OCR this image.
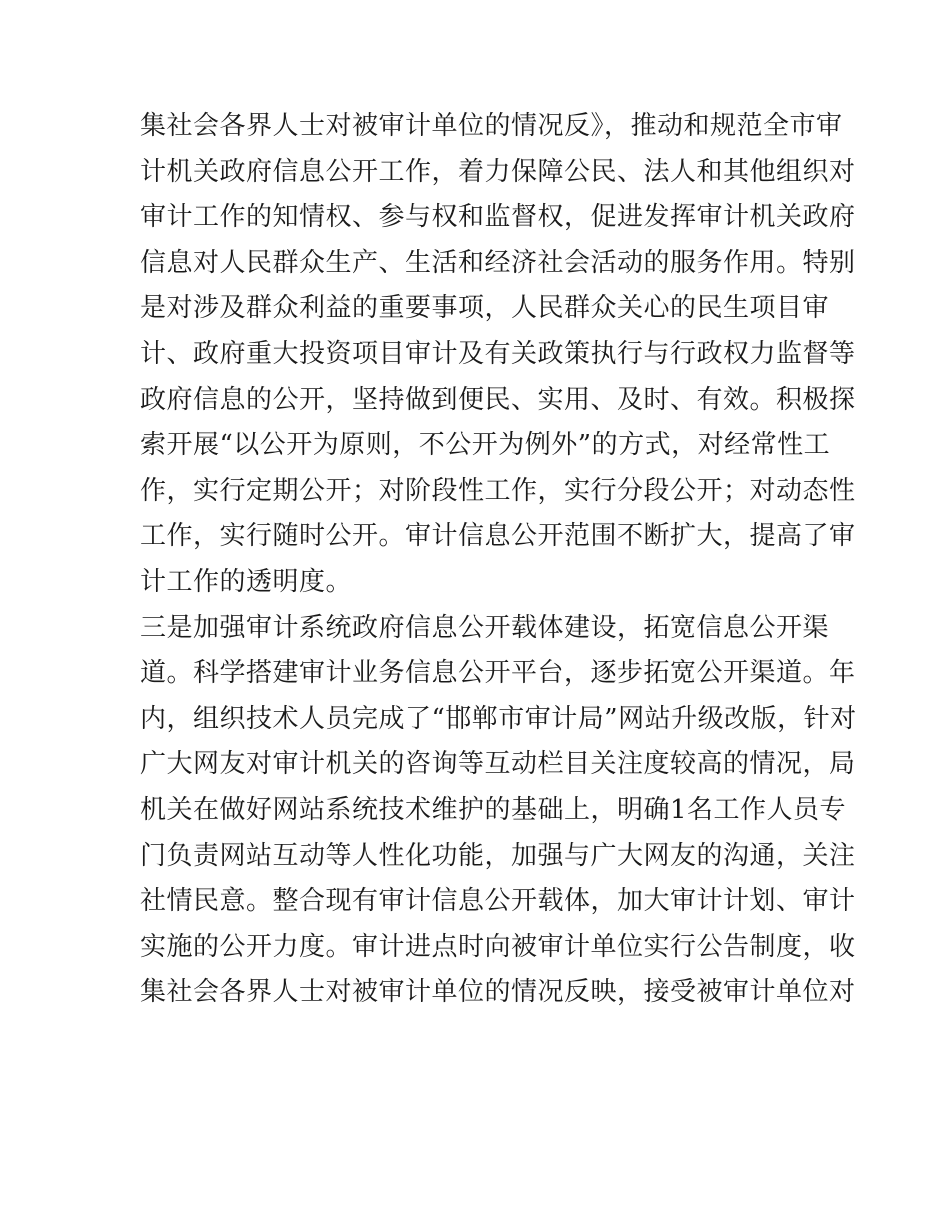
集社会各界人士对被审计单位的情况反》，推动和规范全市审
计机关政府信息公开工作，着力保障公民、法人和其他组织对
审计工作的知情权、参与权和监督权，促进发挥审计机关政府
信息对人民群众生产、生活和经济社会活动的服务作用。特别
是对涉及群众利益的重要事项，人民群众关心的民生项目审
计、政府重大投资项目审计及有关政策执行与行政权力监督等
政府信息的公开，坚持做到便民、实用、及时、有效。积极探
索开展“以公开为原则，不公开为例外”的方式，对经常性工
作，实行定期公开；对阶段性工作，实行分段公开；对动态性
工作，实行随时公开。审计信息公开范围不断扩大，提高了审
计工作的透明度。
三是加强审计系统政府信息公开载体建设，拓宽信息公开渠
道。科学搭建审计业务信息公开平台，逐步拓宽公开渠道。年
内，组织技术人员完成了“邯郸市审计局”网站升级改版，针对
广大网友对审计机关的咨询等互动栏目关注度较高的情况，局
机关在做好网站系统技术维护的基础上，明确1名工作人员专
门负责网站互动等人性化功能，加强与广大网友的沟通，关注
社情民意。整合现有审计信息公开载体，加大审计计划、审计
实施的公开力度。审计进点时向被审计单位实行公告制度，收
集社会各界人士对被审计单位的情况反映，接受被审计单位对
